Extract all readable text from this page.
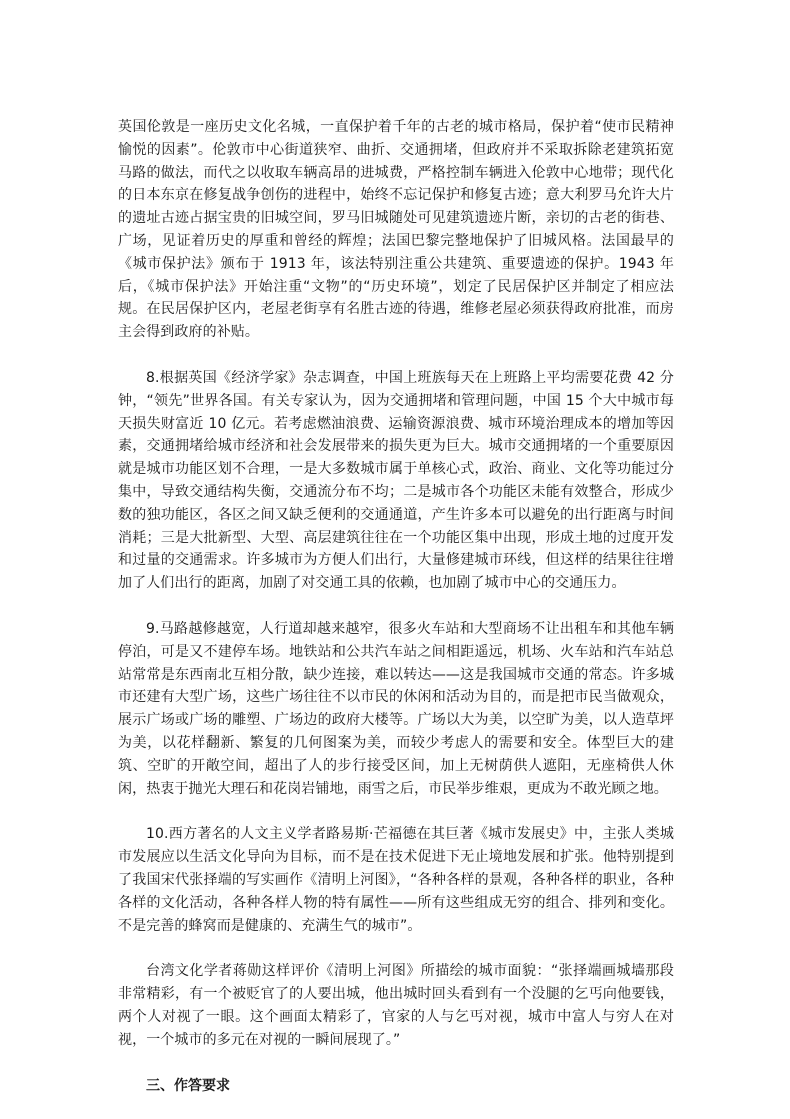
英国伦敦是一座历史文化名城，一直保护着千年的古老的城市格局，保护着“使市民精神愉悦的因素”。伦敦市中心街道狭窄、曲折、交通拥堵，但政府并不采取拆除老建筑拓宽马路的做法，而代之以收取车辆高昂的进城费，严格控制车辆进入伦敦中心地带；现代化的日本东京在修复战争创伤的进程中，始终不忘记保护和修复古迹；意大利罗马允许大片的遗址古迹占据宝贵的旧城空间，罗马旧城随处可见建筑遗迹片断，亲切的古老的街巷、广场，见证着历史的厚重和曾经的辉煌；法国巴黎完整地保护了旧城风格。法国最早的《城市保护法》颁布于 1913 年，该法特别注重公共建筑、重要遗迹的保护。1943 年后，《城市保护法》开始注重“文物”的“历史环境”，划定了民居保护区并制定了相应法规。在民居保护区内，老屋老街享有名胜古迹的待遇，维修老屋必须获得政府批准，而房主会得到政府的补贴。

8.根据英国《经济学家》杂志调查，中国上班族每天在上班路上平均需要花费 42 分钟，“领先”世界各国。有关专家认为，因为交通拥堵和管理问题，中国 15 个大中城市每天损失财富近 10 亿元。若考虑燃油浪费、运输资源浪费、城市环境治理成本的增加等因素，交通拥堵给城市经济和社会发展带来的损失更为巨大。城市交通拥堵的一个重要原因就是城市功能区划不合理，一是大多数城市属于单核心式，政治、商业、文化等功能过分集中，导致交通结构失衡，交通流分布不均；二是城市各个功能区未能有效整合，形成少数的独功能区，各区之间又缺乏便利的交通通道，产生许多本可以避免的出行距离与时间消耗；三是大批新型、大型、高层建筑往往在一个功能区集中出现，形成土地的过度开发和过量的交通需求。许多城市为方便人们出行，大量修建城市环线，但这样的结果往往增加了人们出行的距离，加剧了对交通工具的依赖，也加剧了城市中心的交通压力。

9.马路越修越宽，人行道却越来越窄，很多火车站和大型商场不让出租车和其他车辆停泊，可是又不建停车场。地铁站和公共汽车站之间相距遥远，机场、火车站和汽车站总站常常是东西南北互相分散，缺少连接，难以转达——这是我国城市交通的常态。许多城市还建有大型广场，这些广场往往不以市民的休闲和活动为目的，而是把市民当做观众，展示广场或广场的雕塑、广场边的政府大楼等。广场以大为美，以空旷为美，以人造草坪为美，以花样翻新、繁复的几何图案为美，而较少考虑人的需要和安全。体型巨大的建筑、空旷的开敞空间，超出了人的步行接受区间，加上无树荫供人遮阳，无座椅供人休闲，热衷于抛光大理石和花岗岩铺地，雨雪之后，市民举步维艰，更成为不敢光顾之地。

10.西方著名的人文主义学者路易斯·芒福德在其巨著《城市发展史》中，主张人类城市发展应以生活文化导向为目标，而不是在技术促进下无止境地发展和扩张。他特别提到了我国宋代张择端的写实画作《清明上河图》，“各种各样的景观，各种各样的职业，各种各样的文化活动，各种各样人物的特有属性——所有这些组成无穷的组合、排列和变化。不是完善的蜂窝而是健康的、充满生气的城市”。

台湾文化学者蒋勋这样评价《清明上河图》所描绘的城市面貌：“张择端画城墙那段非常精彩，有一个被贬官了的人要出城，他出城时回头看到有一个没腿的乞丐向他要钱，两个人对视了一眼。这个画面太精彩了，官家的人与乞丐对视，城市中富人与穷人在对视，一个城市的多元在对视的一瞬间展现了。”

三、作答要求
